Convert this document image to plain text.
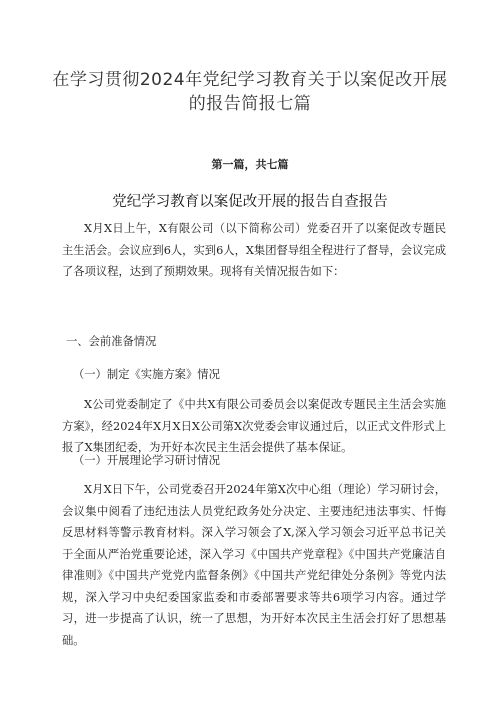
在学习贯彻2024年党纪学习教育关于以案促改开展
的报告简报七篇
第一篇，共七篇
党纪学习教育以案促改开展的报告自查报告
X月X日上午，X有限公司（以下简称公司）党委召开了以案促改专题民主生活会。会议应到6人，实到6人，X集团督导组全程进行了督导，会议完成了各项议程，达到了预期效果。现将有关情况报告如下：
一、会前准备情况
（一）制定《实施方案》情况
X公司党委制定了《中共X有限公司委员会以案促改专题民主生活会实施方案》，经2024年X月X日X公司第X次党委会审议通过后，以正式文件形式上报了X集团纪委，为开好本次民主生活会提供了基本保证。
（一）开展理论学习研讨情况
X月X日下午，公司党委召开2024年第X次中心组（理论）学习研讨会，会议集中阅看了违纪违法人员党纪政务处分决定、主要违纪违法事实、忏悔反思材料等警示教育材料。深入学习领会了X,深入学习领会习近平总书记关于全面从严治党重要论述，深入学习《中国共产党章程》《中国共产党廉洁自律准则》《中国共产党党内监督条例》《中国共产党纪律处分条例》等党内法规，深入学习中央纪委国家监委和市委部署要求等共6项学习内容。通过学习，进一步提高了认识，统一了思想，为开好本次民主生活会打好了思想基础。
